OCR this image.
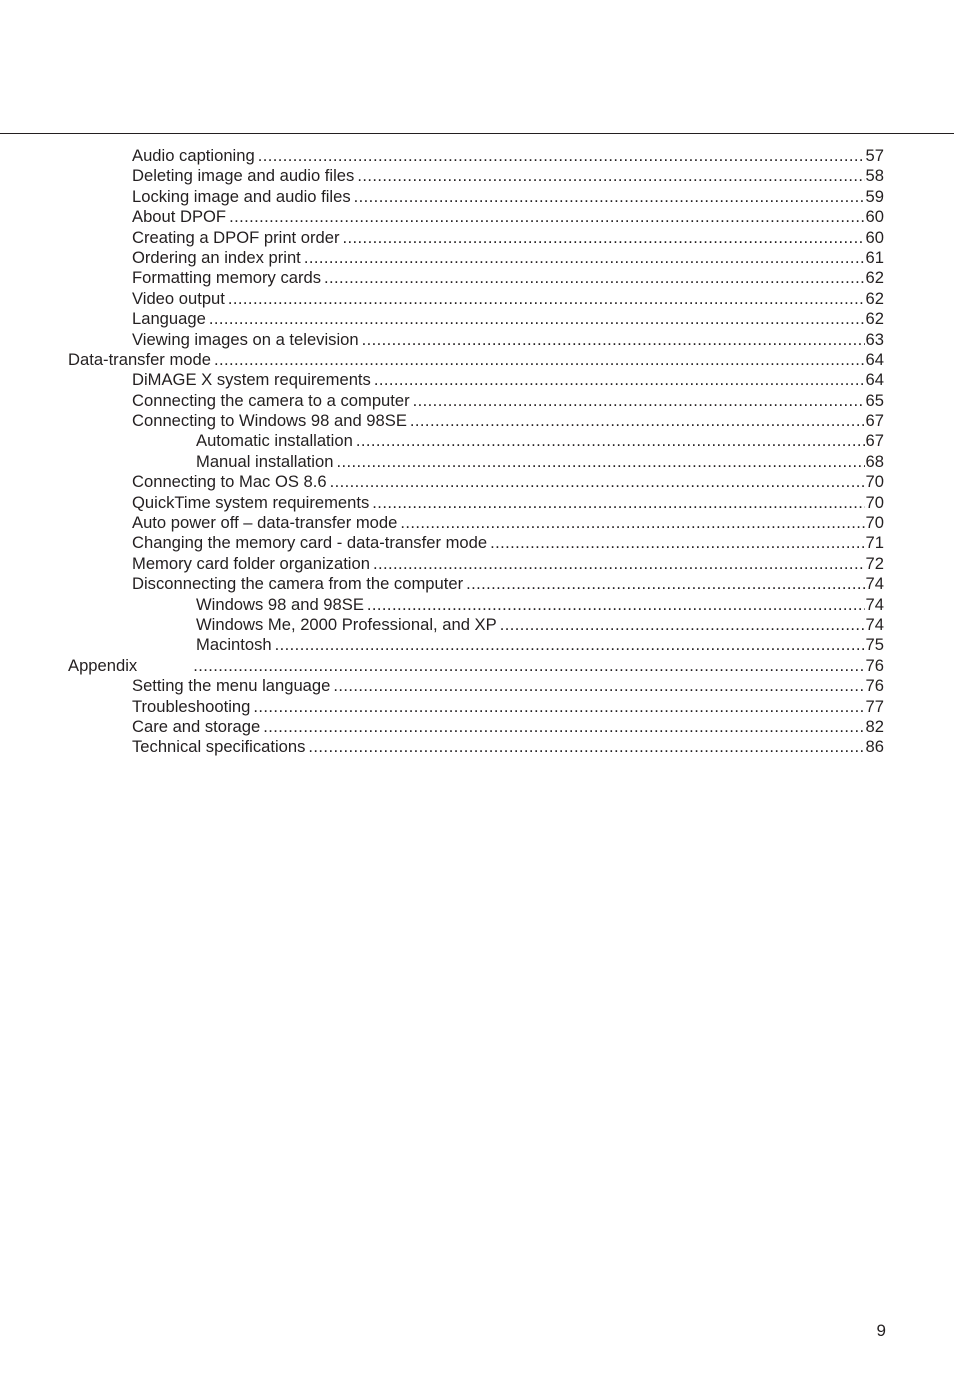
Audio captioning .....	57
Deleting image and audio files .....	58
Locking image and audio files .....	59
About DPOF .....	60
Creating a DPOF print order .....	60
Ordering an index print .....	61
Formatting memory cards .....	62
Video output .....	62
Language .....	62
Viewing images on a television .....	63
Data-transfer mode .....	64
DiMAGE X system requirements .....	64
Connecting the camera to a computer .....	65
Connecting to Windows 98 and 98SE .....	67
Automatic installation .....	67
Manual installation .....	68
Connecting to Mac OS 8.6 .....	70
QuickTime system requirements .....	70
Auto power off – data-transfer mode .....	70
Changing the memory card - data-transfer mode .....	71
Memory card folder organization .....	72
Disconnecting the camera from the computer .....	74
Windows 98 and 98SE .....	74
Windows Me, 2000 Professional, and XP .....	74
Macintosh .....	75
Appendix .....	76
Setting the menu language .....	76
Troubleshooting .....	77
Care and storage .....	82
Technical specifications .....	86
9
